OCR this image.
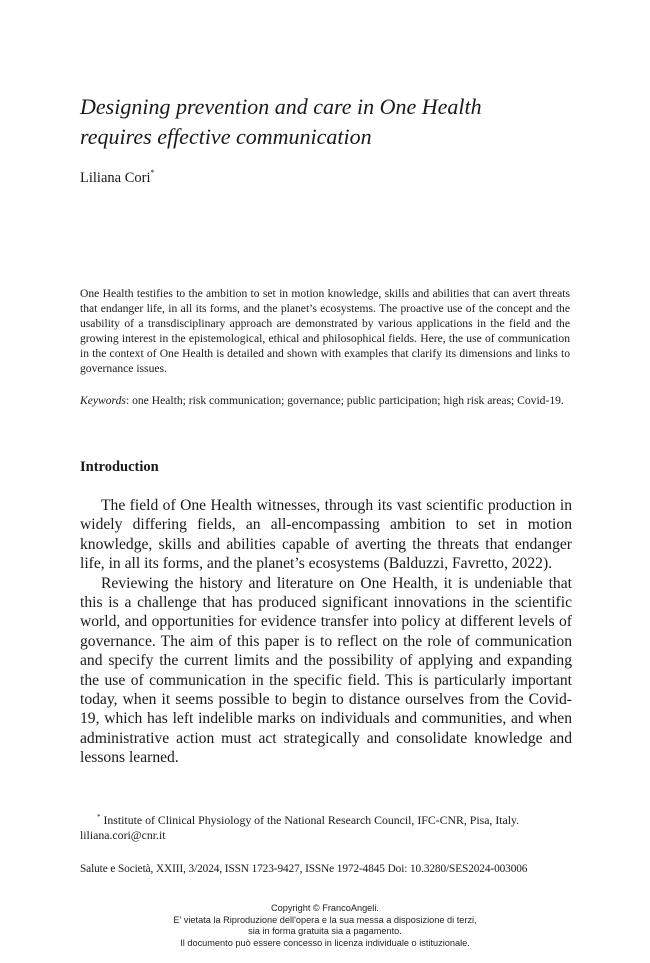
Designing prevention and care in One Health
requires effective communication
Liliana Cori*

One Health testifies to the ambition to set in motion knowledge, skills and abilities that can avert threats that endanger life, in all its forms, and the planet’s ecosystems. The proactive use of the concept and the usability of a transdisciplinary approach are demonstrated by various applications in the field and the growing interest in the epistemological, ethical and philosophical fields. Here, the use of communication in the context of One Health is detailed and shown with examples that clarify its dimensions and links to governance issues.

Keywords: one Health; risk communication; governance; public participation; high risk areas; Covid-19.

Introduction

The field of One Health witnesses, through its vast scientific production in widely differing fields, an all-encompassing ambition to set in motion knowledge, skills and abilities capable of averting the threats that endanger life, in all its forms, and the planet’s ecosystems (Balduzzi, Favretto, 2022).

Reviewing the history and literature on One Health, it is undeniable that this is a challenge that has produced significant innovations in the scientific world, and opportunities for evidence transfer into policy at different levels of governance. The aim of this paper is to reflect on the role of communication and specify the current limits and the possibility of applying and expanding the use of communication in the specific field. This is particularly important today, when it seems possible to begin to distance ourselves from the Covid-19, which has left indelible marks on individuals and communities, and when administrative action must act strategically and consolidate knowledge and lessons learned.

* Institute of Clinical Physiology of the National Research Council, IFC-CNR, Pisa, Italy.

liliana.cori@cnr.it

Salute e Società, XXIII, 3/2024, ISSN 1723-9427, ISSNe 1972-4845 Doi: 10.3280/SES2024-003006
Copyright © FrancoAngeli.
E' vietata la Riproduzione dell'opera e la sua messa a disposizione di terzi,
sia in forma gratuita sia a pagamento.
Il documento può essere concesso in licenza individuale o istituzionale.
